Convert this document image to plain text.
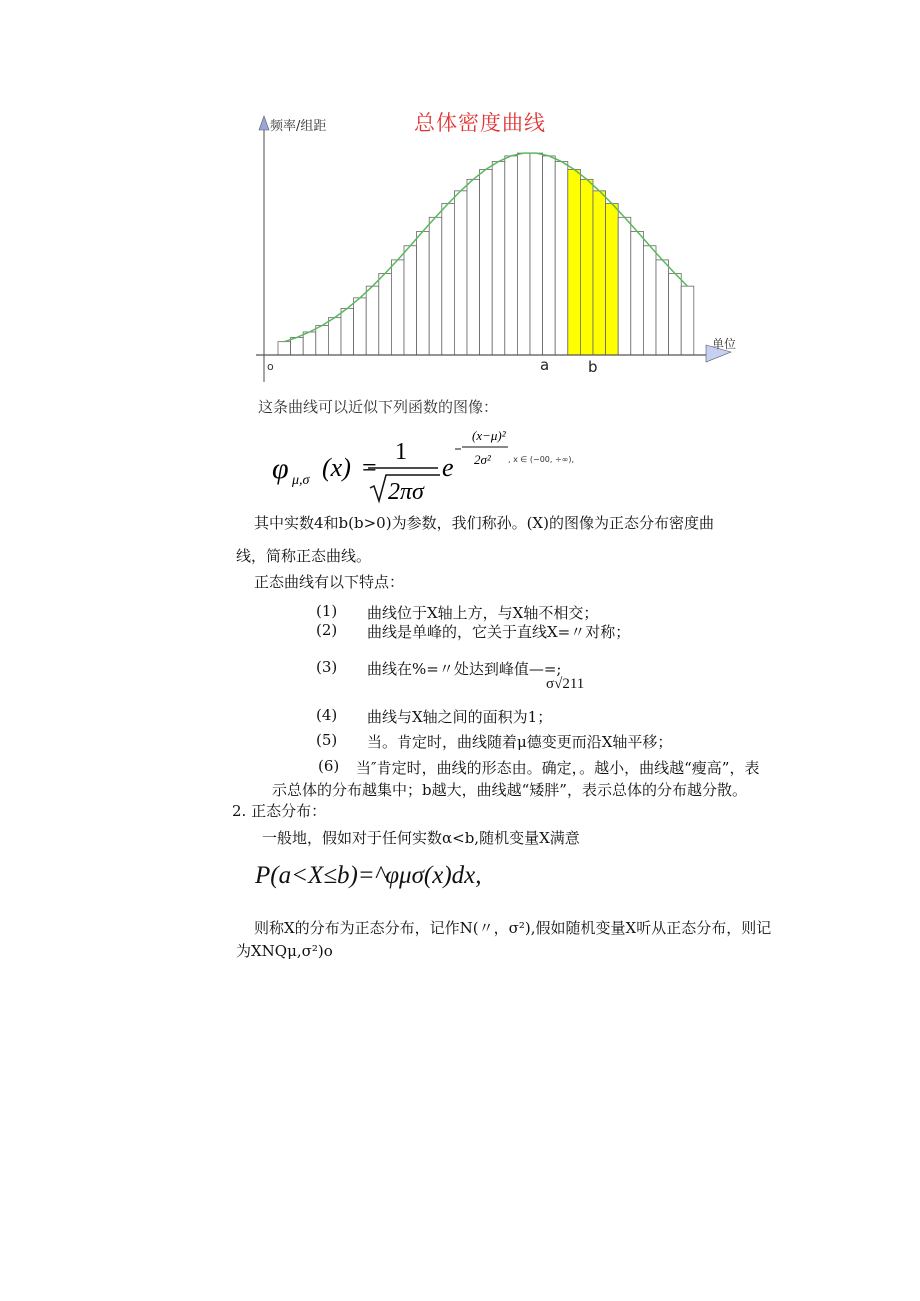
频率/组距
单位
o	a	b
总体密度曲线
这条曲线可以近似下列函数的图像：
φ μ,σ (x) =
1
2πσ
e
(x−μ)²
2σ² , x ∈ (−00, ÷∞),
其中实数4和b(b>0)为参数，我们称孙。(X)的图像为正态分布密度曲
线，简称正态曲线。
正态曲线有以下特点：
(1) 曲线位于X轴上方，与X轴不相交；
(2) 曲线是单峰的，它关于直线X=〃对称；
(3) 曲线在%=〃处达到峰值—=;
σ√211
(4) 曲线与X轴之间的面积为1；
(5) 当。肯定时，曲线随着μ德变更而沿X轴平移；
(6) 当″肯定时，曲线的形态由。确定，。越小，曲线越“瘦高”，表
示总体的分布越集中；b越大，曲线越“矮胖”，表示总体的分布越分散。
2. 正态分布：
一般地，假如对于任何实数α<b,随机变量X满意
P(a<X≤b)=^φμσ(x)dx,
则称X的分布为正态分布，记作N(〃，σ²),假如随机变量X听从正态分布，则记
为XNQμ,σ²)o
